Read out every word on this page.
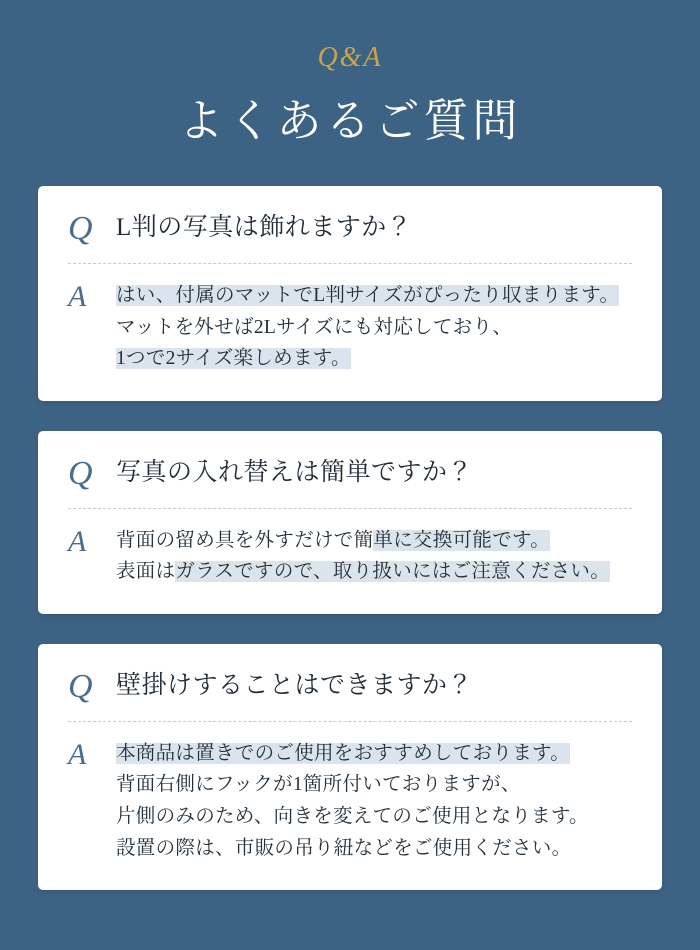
Q&A
よくあるご質問
Q L判の写真は飾れますか？
A	はい、付属のマットでL判サイズがぴったり収まります。
マットを外せば2Lサイズにも対応しており、
1つで2サイズ楽しめます。
Q 写真の入れ替えは簡単ですか？
A	背面の留め具を外すだけで簡単に交換可能です。
表面はガラスですので、取り扱いにはご注意ください。
Q 壁掛けすることはできますか？
A	本商品は置きでのご使用をおすすめしております。
背面右側にフックが1箇所付いておりますが、
片側のみのため、向きを変えてのご使用となります。
設置の際は、市販の吊り紐などをご使用ください。
